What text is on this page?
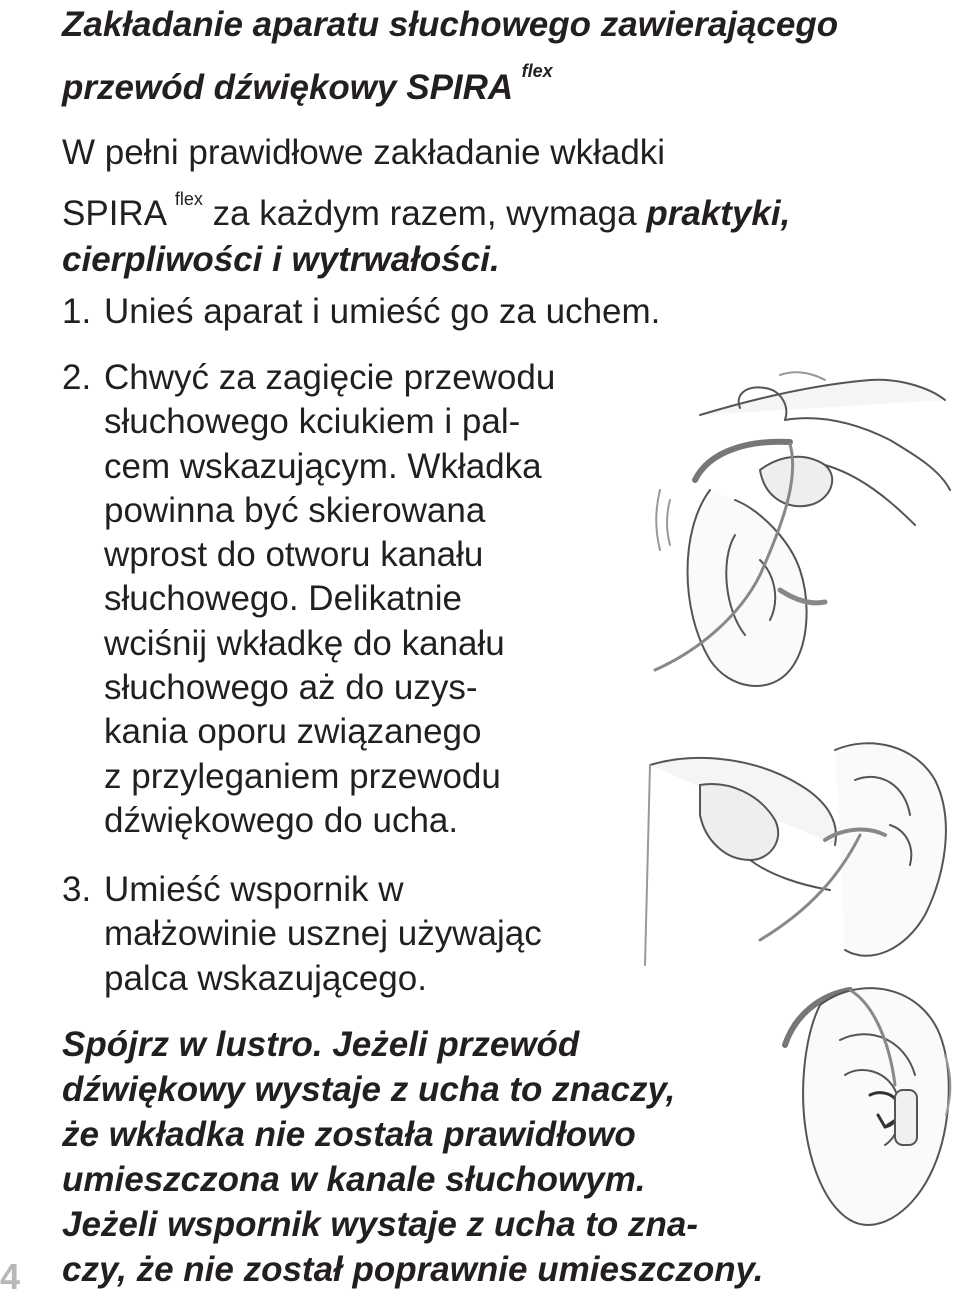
Zakładanie aparatu słuchowego zawierającego
przewód dźwiękowy SPIRA $^{flex}$

W pełni prawidłowe zakładanie wkładki
SPIRA $^{flex}$ za każdym razem, wymaga praktyki,
cierpliwości i wytrwałości.

1. Unieś aparat i umieść go za uchem.
2. Chwyć za zagięcie przewodu
słuchowego kciukiem i pal-
cem wskazującym. Wkładka
powinna być skierowana
wprost do otworu kanału
słuchowego. Delikatnie
wciśnij wkładkę do kanału
słuchowego aż do uzys-
kania oporu związanego
z przyleganiem przewodu
dźwiękowego do ucha.
3. Umieść wspornik w
małżowinie usznej używając
palca wskazującego.

Spójrz w lustro. Jeżeli przewód
dźwiękowy wystaje z ucha to znaczy,
że wkładka nie została prawidłowo
umieszczona w kanale słuchowym.
Jeżeli wspornik wystaje z ucha to zna-
czy, że nie został poprawnie umieszczony.

4
